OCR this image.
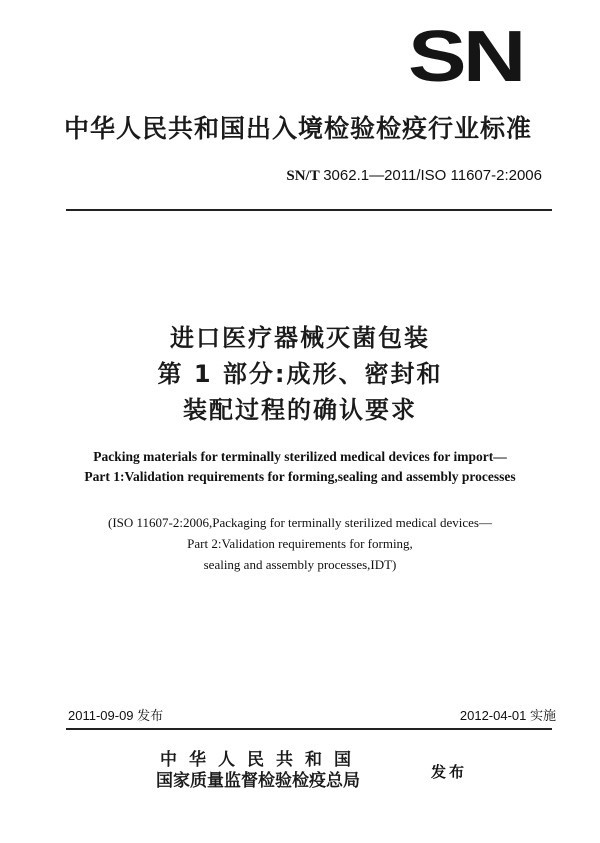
SN
中华人民共和国出入境检验检疫行业标准
SN/T 3062.1—2011/ISO 11607-2:2006
进口医疗器械灭菌包装
第 1 部分:成形、密封和
装配过程的确认要求
Packing materials for terminally sterilized medical devices for import—
Part 1:Validation requirements for forming,sealing and assembly processes
(ISO 11607-2:2006,Packaging for terminally sterilized medical devices—
Part 2:Validation requirements for forming,
sealing and assembly processes,IDT)
2011-09-09 发布	2012-04-01 实施
中华人民共和国
国家质量监督检验检疫总局	发布
